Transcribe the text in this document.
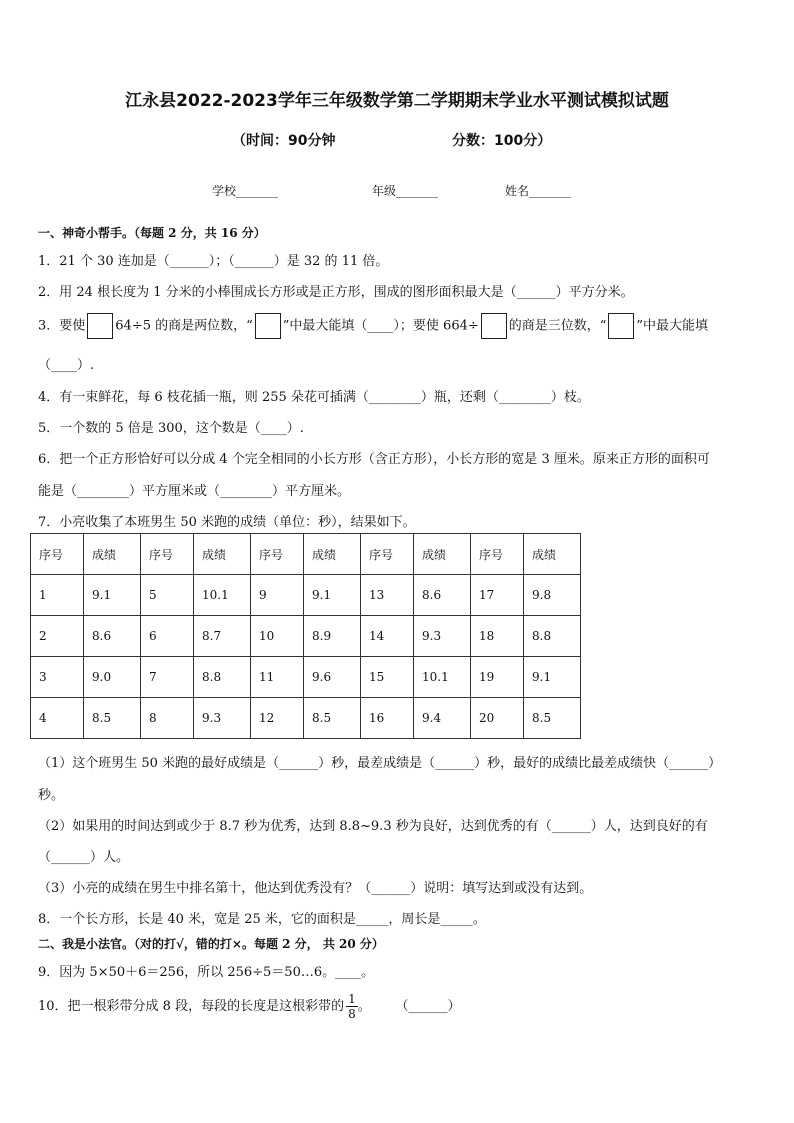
江永县2022-2023学年三年级数学第二学期期末学业水平测试模拟试题
（时间：90分钟	分数：100分）
学校_______	年级_______	姓名_______
一、神奇小帮手。（每题 2 分，共 16 分）
1．21 个 30 连加是（______）；（______）是 32 的 11 倍。
2．用 24 根长度为 1 分米的小棒围成长方形或是正方形，围成的图形面积最大是（______）平方分米。
3．要使 64÷5 的商是两位数，“ ”中最大能填（____）；要使 664÷ 的商是三位数，“ ”中最大能填
（____）.
4．有一束鲜花，每 6 枝花插一瓶，则 255 朵花可插满（________）瓶，还剩（________）枝。
5．一个数的 5 倍是 300，这个数是（____）.
6．把一个正方形恰好可以分成 4 个完全相同的小长方形（含正方形），小长方形的宽是 3 厘米。原来正方形的面积可
能是（________）平方厘米或（________）平方厘米。
7．小亮收集了本班男生 50 米跑的成绩（单位：秒），结果如下。
序号	成绩	序号	成绩	序号	成绩	序号	成绩	序号	成绩
1	9.1	5	10.1	9	9.1	13	8.6	17	9.8
2	8.6	6	8.7	10	8.9	14	9.3	18	8.8
3	9.0	7	8.8	11	9.6	15	10.1	19	9.1
4	8.5	8	9.3	12	8.5	16	9.4	20	8.5
（1）这个班男生 50 米跑的最好成绩是（______）秒，最差成绩是（______）秒，最好的成绩比最差成绩快（______）
秒。
（2）如果用的时间达到或少于 8.7 秒为优秀，达到 8.8~9.3 秒为良好，达到优秀的有（______）人，达到良好的有
（______）人。
（3）小亮的成绩在男生中排名第十，他达到优秀没有？（______）说明：填写达到或没有达到。
8．一个长方形，长是 40 米，宽是 25 米，它的面积是_____，周长是_____。
二、我是小法官。（对的打√，错的打×。每题 2 分， 共 20 分）
9．因为 5×50＋6＝256，所以 256÷5＝50…6。____。
10．把一根彩带分成 8 段，每段的长度是这根彩带的 $\frac{1}{8}$ 。      （______）
